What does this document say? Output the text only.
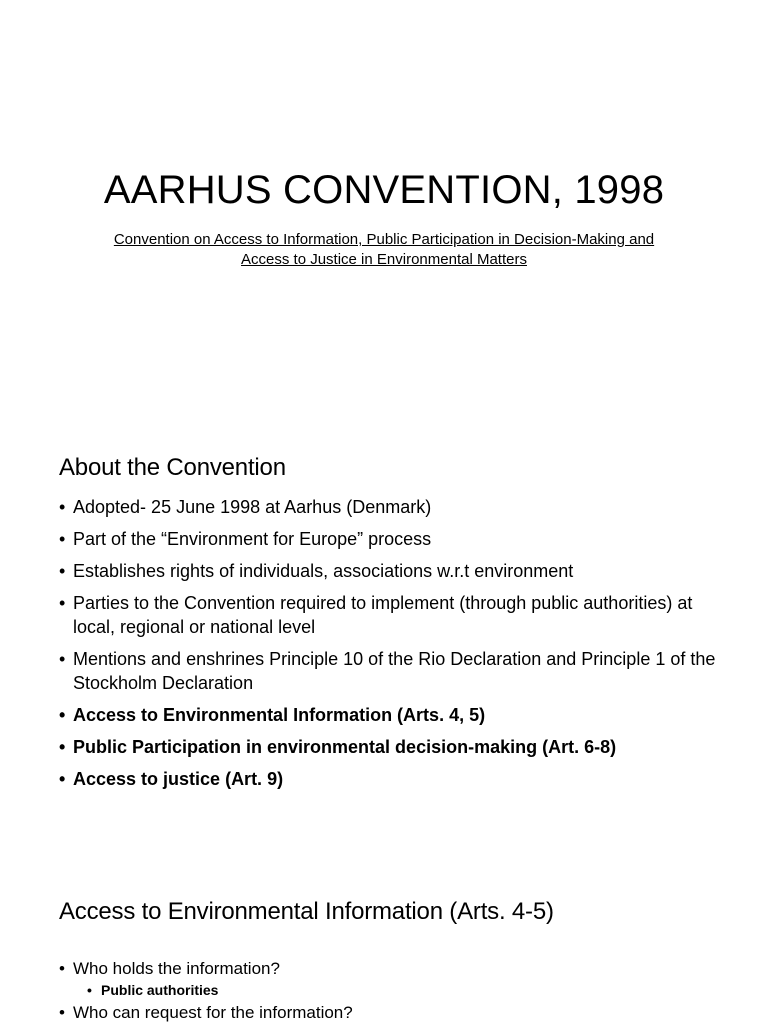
AARHUS CONVENTION, 1998

Convention on Access to Information, Public Participation in Decision-Making and Access to Justice in Environmental Matters

About the Convention
• Adopted- 25 June 1998 at Aarhus (Denmark)
• Part of the “Environment for Europe” process
• Establishes rights of individuals, associations w.r.t environment
• Parties to the Convention required to implement (through public authorities) at local, regional or national level
• Mentions and enshrines Principle 10 of the Rio Declaration and Principle 1 of the Stockholm Declaration
• Access to Environmental Information (Arts. 4, 5)
• Public Participation in environmental decision-making (Art. 6-8)
• Access to justice (Art. 9)
Access to Environmental Information (Arts. 4-5)
• Who holds the information?
• Public authorities
• Who can request for the information?
